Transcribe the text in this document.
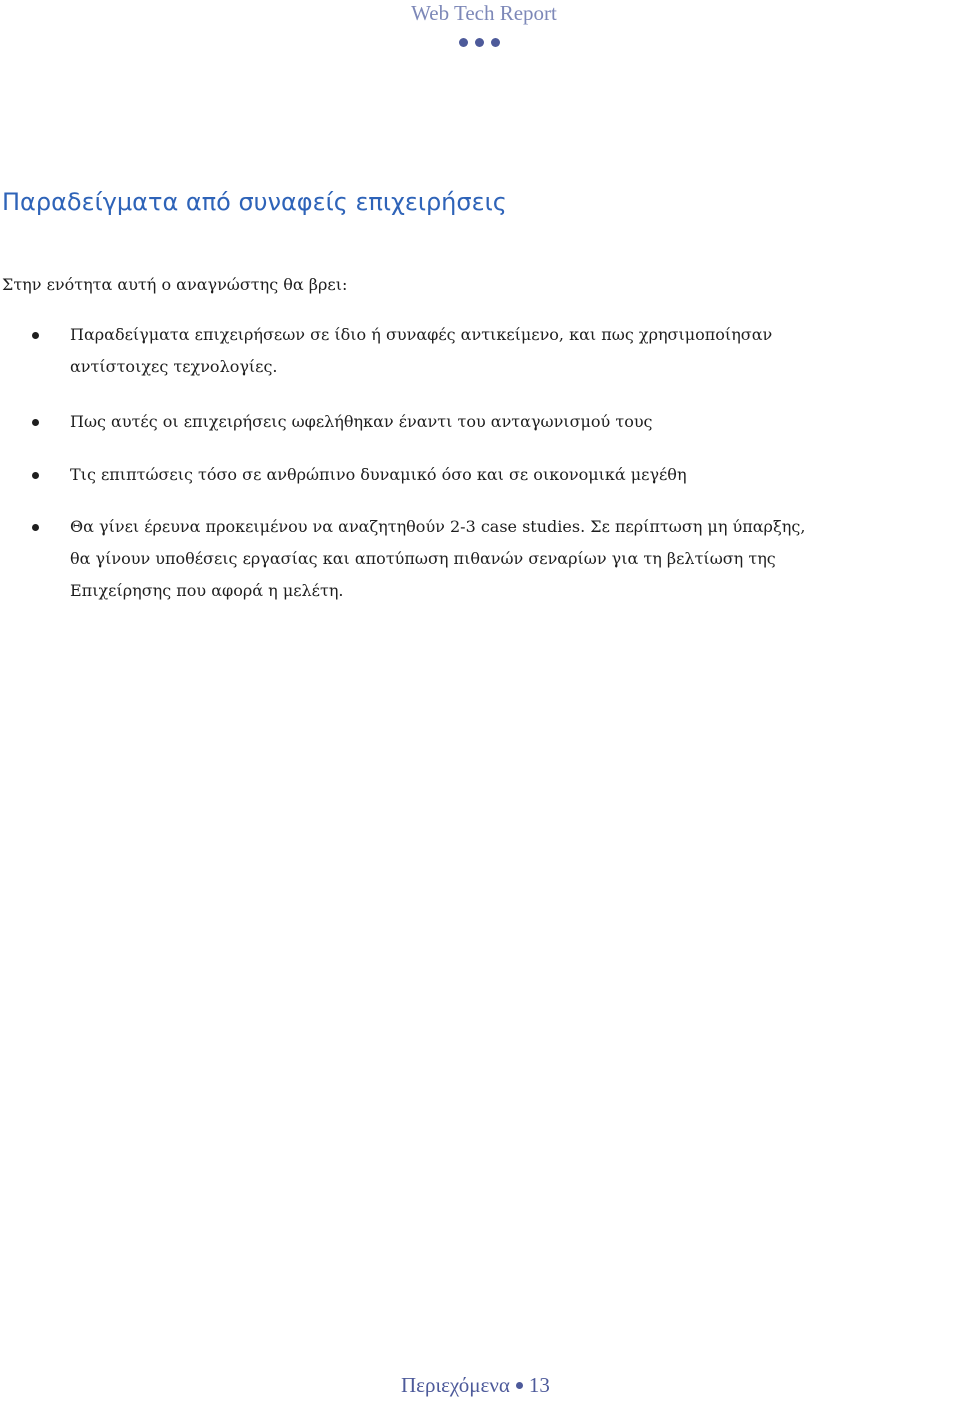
Web Tech Report
Παραδείγματα από συναφείς επιχειρήσεις

Στην ενότητα αυτή ο αναγνώστης θα βρει:

Παραδείγματα επιχειρήσεων σε ίδιο ή συναφές αντικείμενο, και πως χρησιμοποίησαν
αντίστοιχες τεχνολογίες.
Πως αυτές οι επιχειρήσεις ωφελήθηκαν έναντι του ανταγωνισμού τους
Τις επιπτώσεις τόσο σε ανθρώπινο δυναμικό όσο και σε οικονομικά μεγέθη
Θα γίνει έρευνα προκειμένου να αναζητηθούν 2-3 case studies. Σε περίπτωση μη ύπαρξης,
θα γίνουν υποθέσεις εργασίας και αποτύπωση πιθανών σεναρίων για τη βελτίωση της
Επιχείρησης που αφορά η μελέτη.
Περιεχόμενα 13
